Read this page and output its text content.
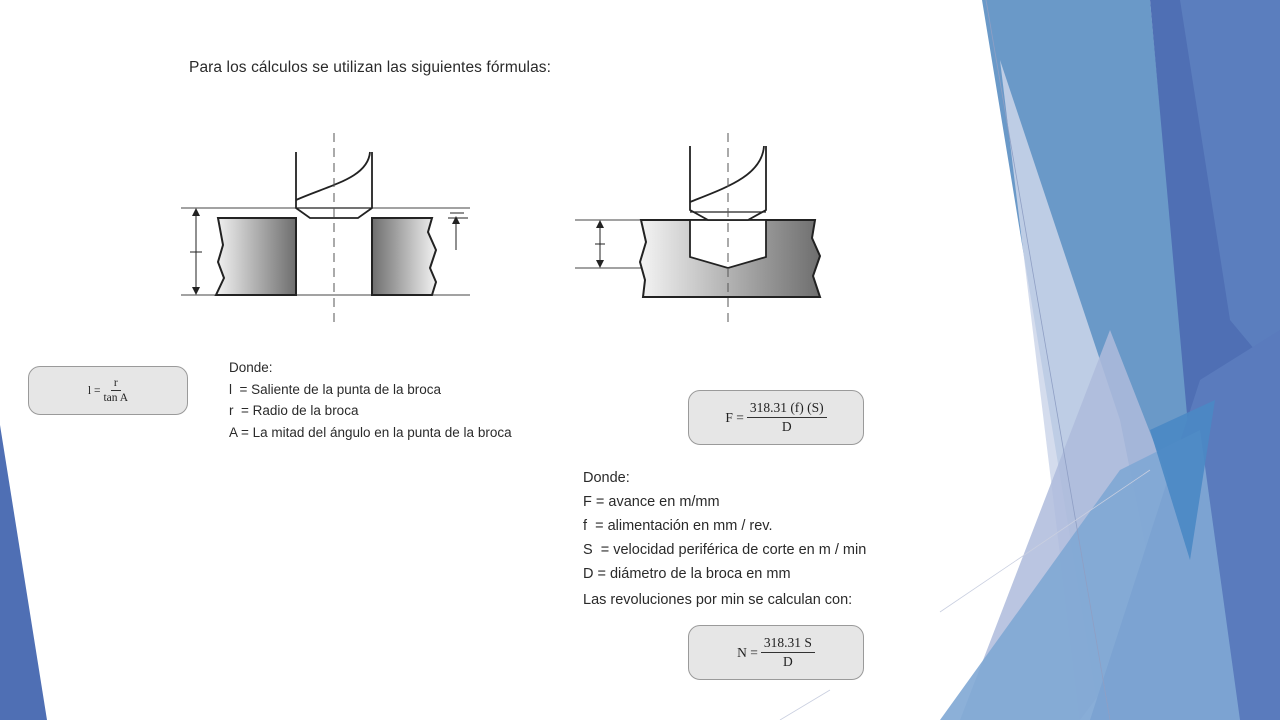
Para los cálculos se utilizan las siguientes fórmulas:
$l = \frac{r}{\text{tan A}}$
Donde:
l  = Saliente de la punta de la broca
r  = Radio de la broca
A = La mitad del ángulo en la punta de la broca
$F = \frac{318.31 (f) (S)}{D}$
Donde:
F = avance en m/mm
f  = alimentación en mm / rev.
S  = velocidad periférica de corte en m / min
D = diámetro de la broca en mm
Las revoluciones por min se calculan con:
$N = \frac{318.31 S}{D}$
